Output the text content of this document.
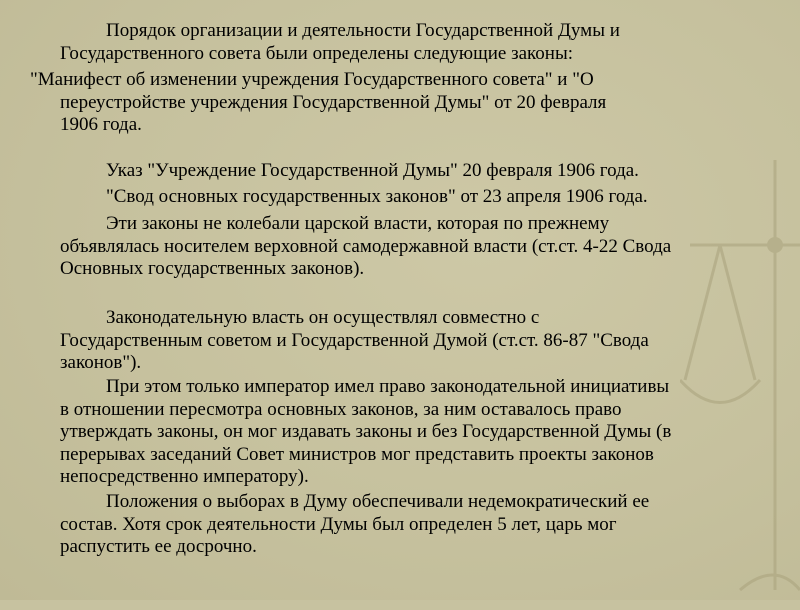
Порядок организации и деятельности Государственной Думы и
Государственного совета были определены следующие законы:

"Манифест об изменении учреждения Государственного совета" и "О
переустройстве учреждения Государственной Думы" от 20 февраля
1906 года.

Указ "Учреждение Государственной Думы" 20 февраля 1906 года.

"Свод основных государственных законов" от 23 апреля 1906 года.

Эти законы не колебали царской власти, которая по прежнему
объявлялась носителем верховной самодержавной власти (ст.ст. 4-22 Свода
Основных государственных законов).

Законодательную власть он осуществлял совместно с
Государственным советом и Государственной Думой (ст.ст. 86-87 "Свода
законов").

При этом только император имел право законодательной инициативы
в отношении пересмотра основных законов, за ним оставалось право
утверждать законы, он мог издавать законы и без Государственной Думы (в
перерывах заседаний Совет министров мог представить проекты законов
непосредственно императору).

Положения о выборах в Думу обеспечивали недемократический ее
состав. Хотя срок деятельности Думы был определен 5 лет, царь мог
распустить ее досрочно.
